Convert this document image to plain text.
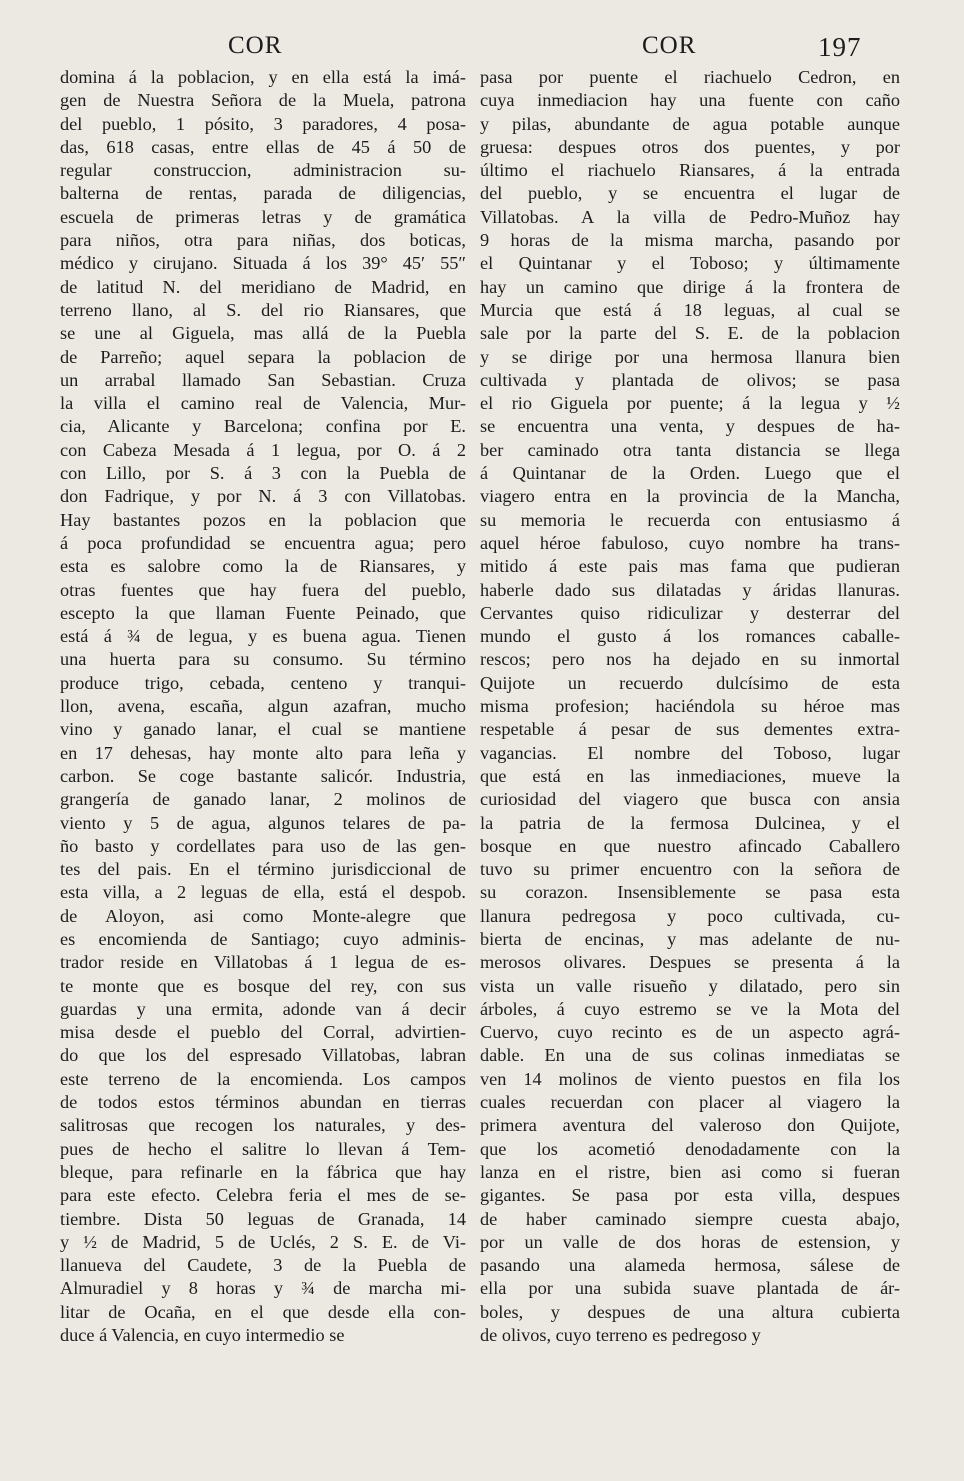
COR	COR	197
domina á la poblacion, y en ella está la imá-
gen de Nuestra Señora de la Muela, patrona
del pueblo, 1 pósito, 3 paradores, 4 posa-
das, 618 casas, entre ellas de 45 á 50 de
regular construccion, administracion su-
balterna de rentas, parada de diligencias,
escuela de primeras letras y de gramática
para niños, otra para niñas, dos boticas,
médico y cirujano. Situada á los 39° 45′ 55″
de latitud N. del meridiano de Madrid, en
terreno llano, al S. del rio Riansares, que
se une al Giguela, mas allá de la Puebla
de Parreño; aquel separa la poblacion de
un arrabal llamado San Sebastian. Cruza
la villa el camino real de Valencia, Mur-
cia, Alicante y Barcelona; confina por E.
con Cabeza Mesada á 1 legua, por O. á 2
con Lillo, por S. á 3 con la Puebla de
don Fadrique, y por N. á 3 con Villatobas.
Hay bastantes pozos en la poblacion que
á poca profundidad se encuentra agua; pero
esta es salobre como la de Riansares, y
otras fuentes que hay fuera del pueblo,
escepto la que llaman Fuente Peinado, que
está á ¾ de legua, y es buena agua. Tienen
una huerta para su consumo. Su término
produce trigo, cebada, centeno y tranqui-
llon, avena, escaña, algun azafran, mucho
vino y ganado lanar, el cual se mantiene
en 17 dehesas, hay monte alto para leña y
carbon. Se coge bastante salicór. Industria,
grangería de ganado lanar, 2 molinos de
viento y 5 de agua, algunos telares de pa-
ño basto y cordellates para uso de las gen-
tes del pais. En el término jurisdiccional de
esta villa, a 2 leguas de ella, está el despob.
de Aloyon, asi como Monte-alegre que
es encomienda de Santiago; cuyo adminis-
trador reside en Villatobas á 1 legua de es-
te monte que es bosque del rey, con sus
guardas y una ermita, adonde van á decir
misa desde el pueblo del Corral, advirtien-
do que los del espresado Villatobas, labran
este terreno de la encomienda. Los campos
de todos estos términos abundan en tierras
salitrosas que recogen los naturales, y des-
pues de hecho el salitre lo llevan á Tem-
bleque, para refinarle en la fábrica que hay
para este efecto. Celebra feria el mes de se-
tiembre. Dista 50 leguas de Granada, 14
y ½ de Madrid, 5 de Uclés, 2 S. E. de Vi-
llanueva del Caudete, 3 de la Puebla de
Almuradiel y 8 horas y ¾ de marcha mi-
litar de Ocaña, en el que desde ella con-
duce á Valencia, en cuyo intermedio se
pasa por puente el riachuelo Cedron, en
cuya inmediacion hay una fuente con caño
y pilas, abundante de agua potable aunque
gruesa: despues otros dos puentes, y por
último el riachuelo Riansares, á la entrada
del pueblo, y se encuentra el lugar de
Villatobas. A la villa de Pedro-Muñoz hay
9 horas de la misma marcha, pasando por
el Quintanar y el Toboso; y últimamente
hay un camino que dirige á la frontera de
Murcia que está á 18 leguas, al cual se
sale por la parte del S. E. de la poblacion
y se dirige por una hermosa llanura bien
cultivada y plantada de olivos; se pasa
el rio Giguela por puente; á la legua y ½
se encuentra una venta, y despues de ha-
ber caminado otra tanta distancia se llega
á Quintanar de la Orden. Luego que el
viagero entra en la provincia de la Mancha,
su memoria le recuerda con entusiasmo á
aquel héroe fabuloso, cuyo nombre ha trans-
mitido á este pais mas fama que pudieran
haberle dado sus dilatadas y áridas llanuras.
Cervantes quiso ridiculizar y desterrar del
mundo el gusto á los romances caballe-
rescos; pero nos ha dejado en su inmortal
Quijote un recuerdo dulcísimo de esta
misma profesion; haciéndola su héroe mas
respetable á pesar de sus dementes extra-
vagancias. El nombre del Toboso, lugar
que está en las inmediaciones, mueve la
curiosidad del viagero que busca con ansia
la patria de la fermosa Dulcinea, y el
bosque en que nuestro afincado Caballero
tuvo su primer encuentro con la señora de
su corazon. Insensiblemente se pasa esta
llanura pedregosa y poco cultivada, cu-
bierta de encinas, y mas adelante de nu-
merosos olivares. Despues se presenta á la
vista un valle risueño y dilatado, pero sin
árboles, á cuyo estremo se ve la Mota del
Cuervo, cuyo recinto es de un aspecto agrá-
dable. En una de sus colinas inmediatas se
ven 14 molinos de viento puestos en fila los
cuales recuerdan con placer al viagero la
primera aventura del valeroso don Quijote,
que los acometió denodadamente con la
lanza en el ristre, bien asi como si fueran
gigantes. Se pasa por esta villa, despues
de haber caminado siempre cuesta abajo,
por un valle de dos horas de estension, y
pasando una alameda hermosa, sálese de
ella por una subida suave plantada de ár-
boles, y despues de una altura cubierta
de olivos, cuyo terreno es pedregoso y
